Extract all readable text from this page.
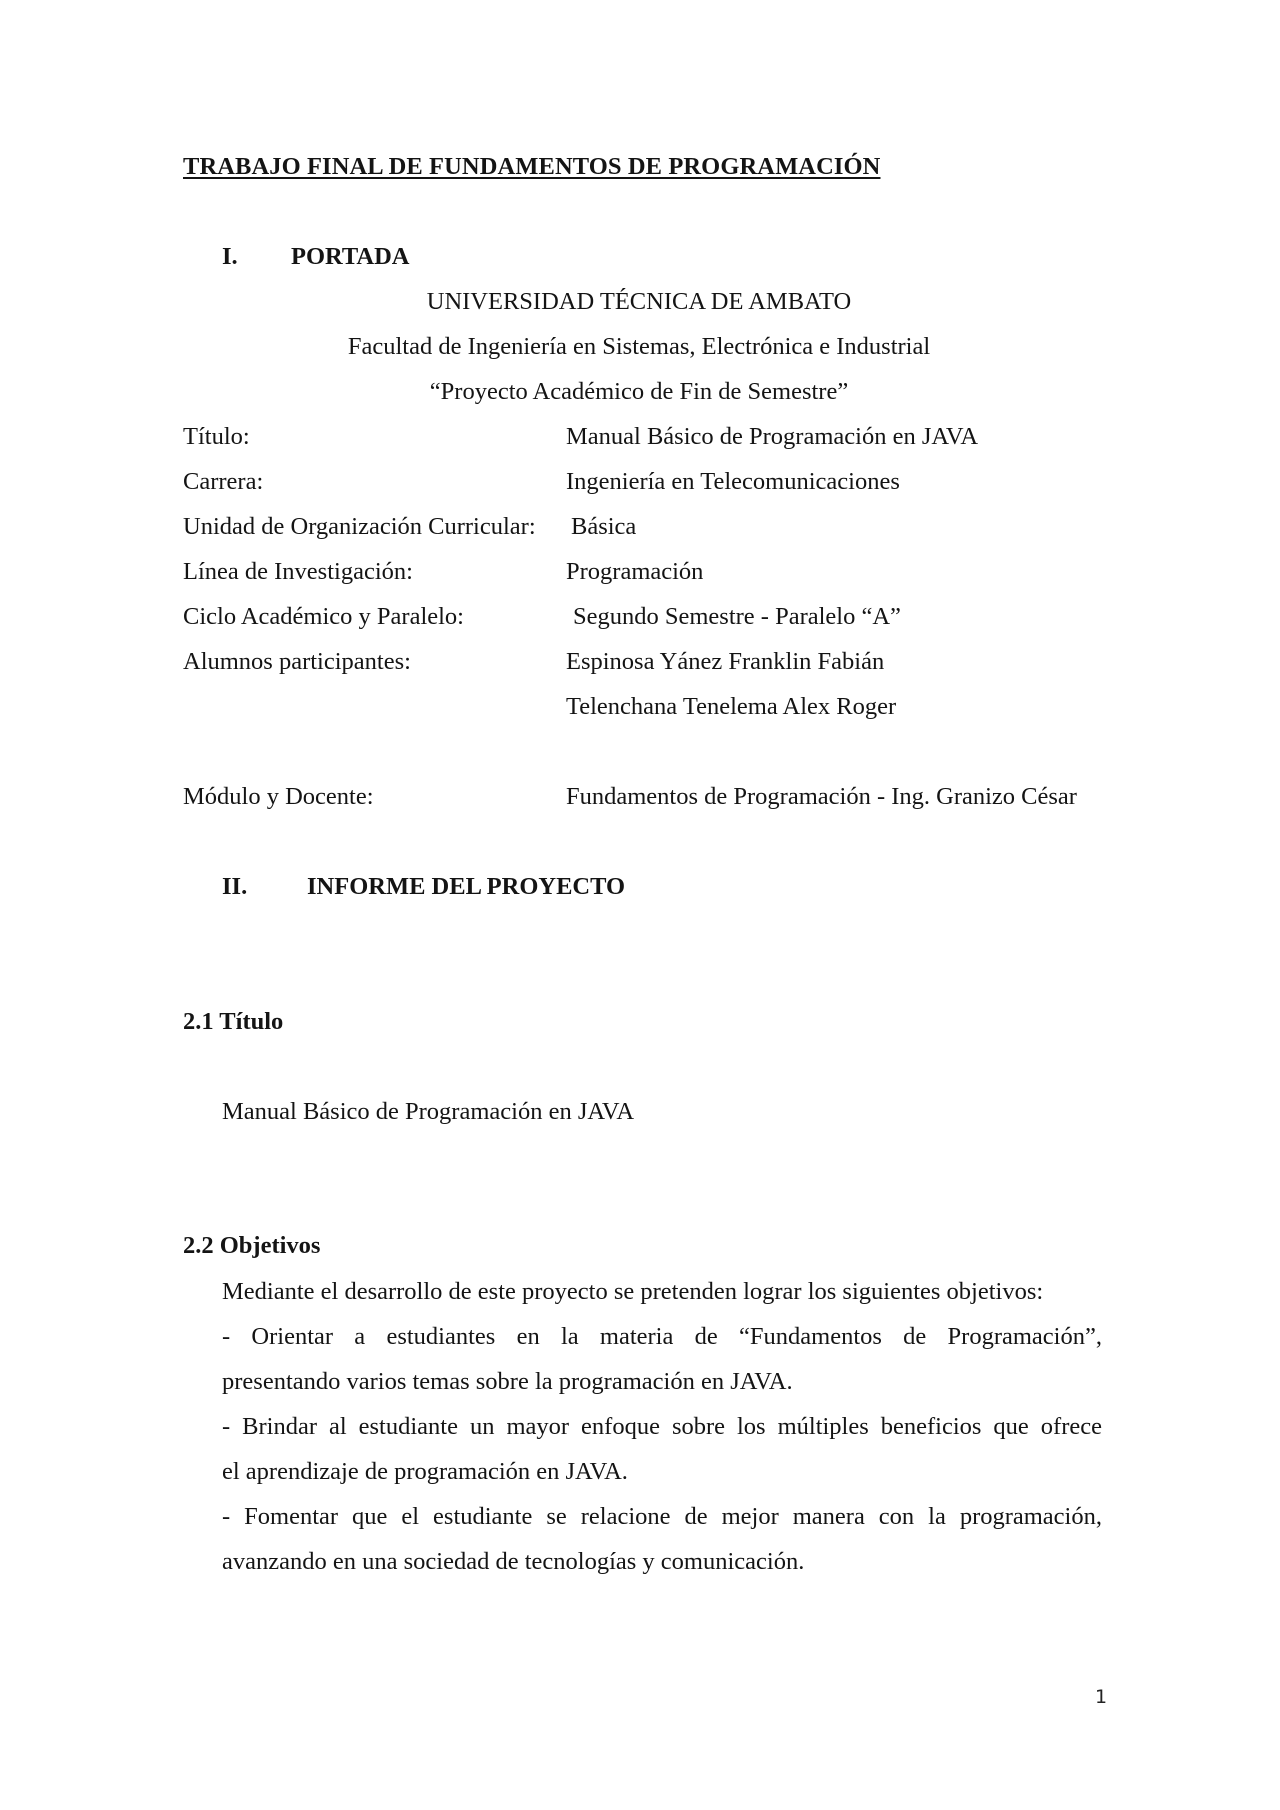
TRABAJO FINAL DE FUNDAMENTOS DE PROGRAMACIÓN
I. PORTADA
UNIVERSIDAD TÉCNICA DE AMBATO
Facultad de Ingeniería en Sistemas, Electrónica e Industrial
“Proyecto Académico de Fin de Semestre”
Título:	Manual Básico de Programación en JAVA
Carrera:	Ingeniería en Telecomunicaciones
Unidad de Organización Curricular: Básica
Línea de Investigación:	Programación
Ciclo Académico y Paralelo:	Segundo Semestre - Paralelo “A”
Alumnos participantes:	Espinosa Yánez Franklin Fabián
Telenchana Tenelema Alex Roger
Módulo y Docente:	Fundamentos de Programación - Ing. Granizo César
II. INFORME DEL PROYECTO
2.1 Título
Manual Básico de Programación en JAVA
2.2 Objetivos
Mediante el desarrollo de este proyecto se pretenden lograr los siguientes objetivos:
- Orientar a estudiantes en la materia de “Fundamentos de Programación”,
presentando varios temas sobre la programación en JAVA.
- Brindar al estudiante un mayor enfoque sobre los múltiples beneficios que ofrece
el aprendizaje de programación en JAVA.
- Fomentar que el estudiante se relacione de mejor manera con la programación,
avanzando en una sociedad de tecnologías y comunicación.
1
